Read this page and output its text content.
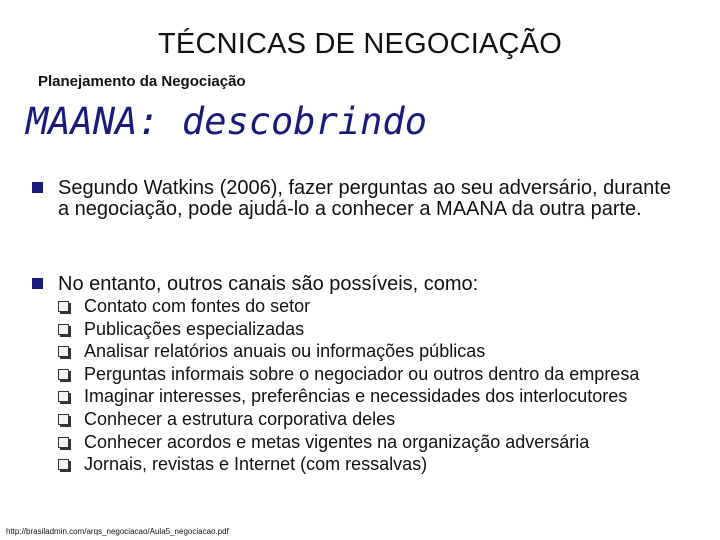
TÉCNICAS DE NEGOCIAÇÃO
Planejamento da Negociação
MAANA: descobrindo
Segundo Watkins (2006), fazer perguntas ao seu adversário, durante a negociação, pode ajudá-lo a conhecer a MAANA da outra parte.
No entanto, outros canais são possíveis, como:
Contato com fontes do setor
Publicações especializadas
Analisar relatórios anuais ou informações públicas
Perguntas informais sobre o negociador ou outros dentro da empresa
Imaginar interesses, preferências e necessidades dos interlocutores
Conhecer a estrutura corporativa deles
Conhecer acordos e metas vigentes na organização adversária
Jornais, revistas e Internet (com ressalvas)
http://brasiladmin.com/arqs_negociacao/Aula5_negociacao.pdf
